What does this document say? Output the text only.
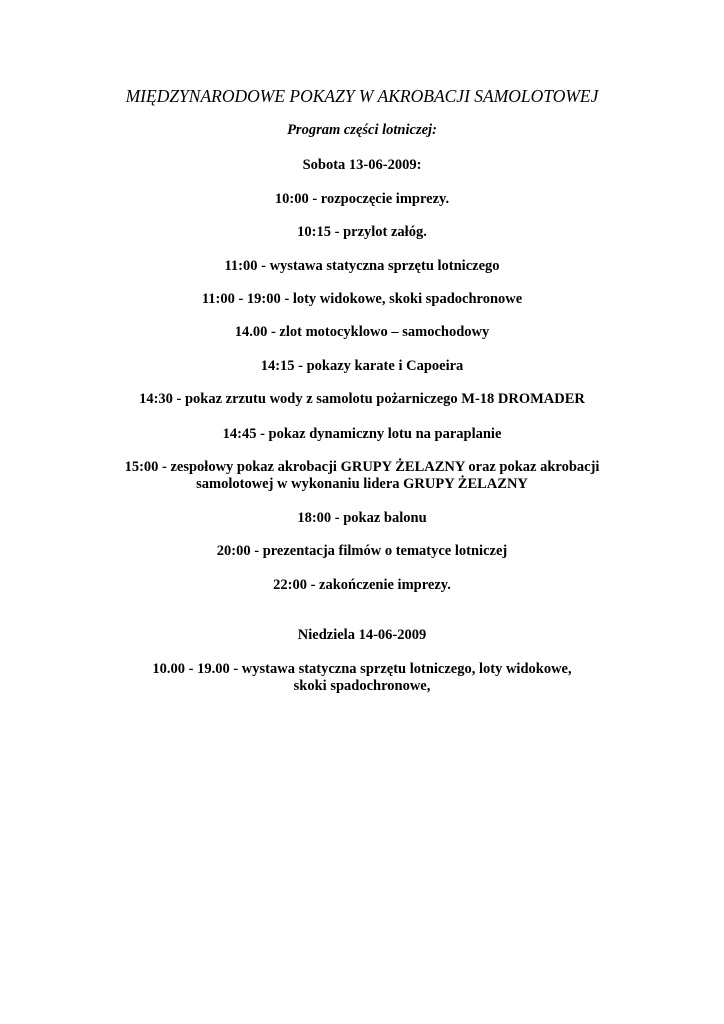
MIĘDZYNARODOWE POKAZY W AKROBACJI SAMOLOTOWEJ
Program części lotniczej:
Sobota 13-06-2009:
10:00 - rozpoczęcie imprezy.
10:15 - przylot załóg.
11:00 - wystawa statyczna sprzętu lotniczego
11:00 - 19:00 - loty widokowe, skoki spadochronowe
14.00 - zlot motocyklowo – samochodowy
14:15 - pokazy karate i Capoeira
14:30 - pokaz zrzutu wody z samolotu pożarniczego M-18 DROMADER
14:45 - pokaz dynamiczny lotu na paraplanie
15:00 - zespołowy pokaz akrobacji GRUPY ŻELAZNY oraz pokaz akrobacji
samolotowej w wykonaniu lidera GRUPY ŻELAZNY
18:00 - pokaz balonu
20:00 - prezentacja filmów o tematyce lotniczej
22:00 - zakończenie imprezy.
Niedziela 14-06-2009
10.00 - 19.00 - wystawa statyczna sprzętu lotniczego, loty widokowe,
skoki spadochronowe,
